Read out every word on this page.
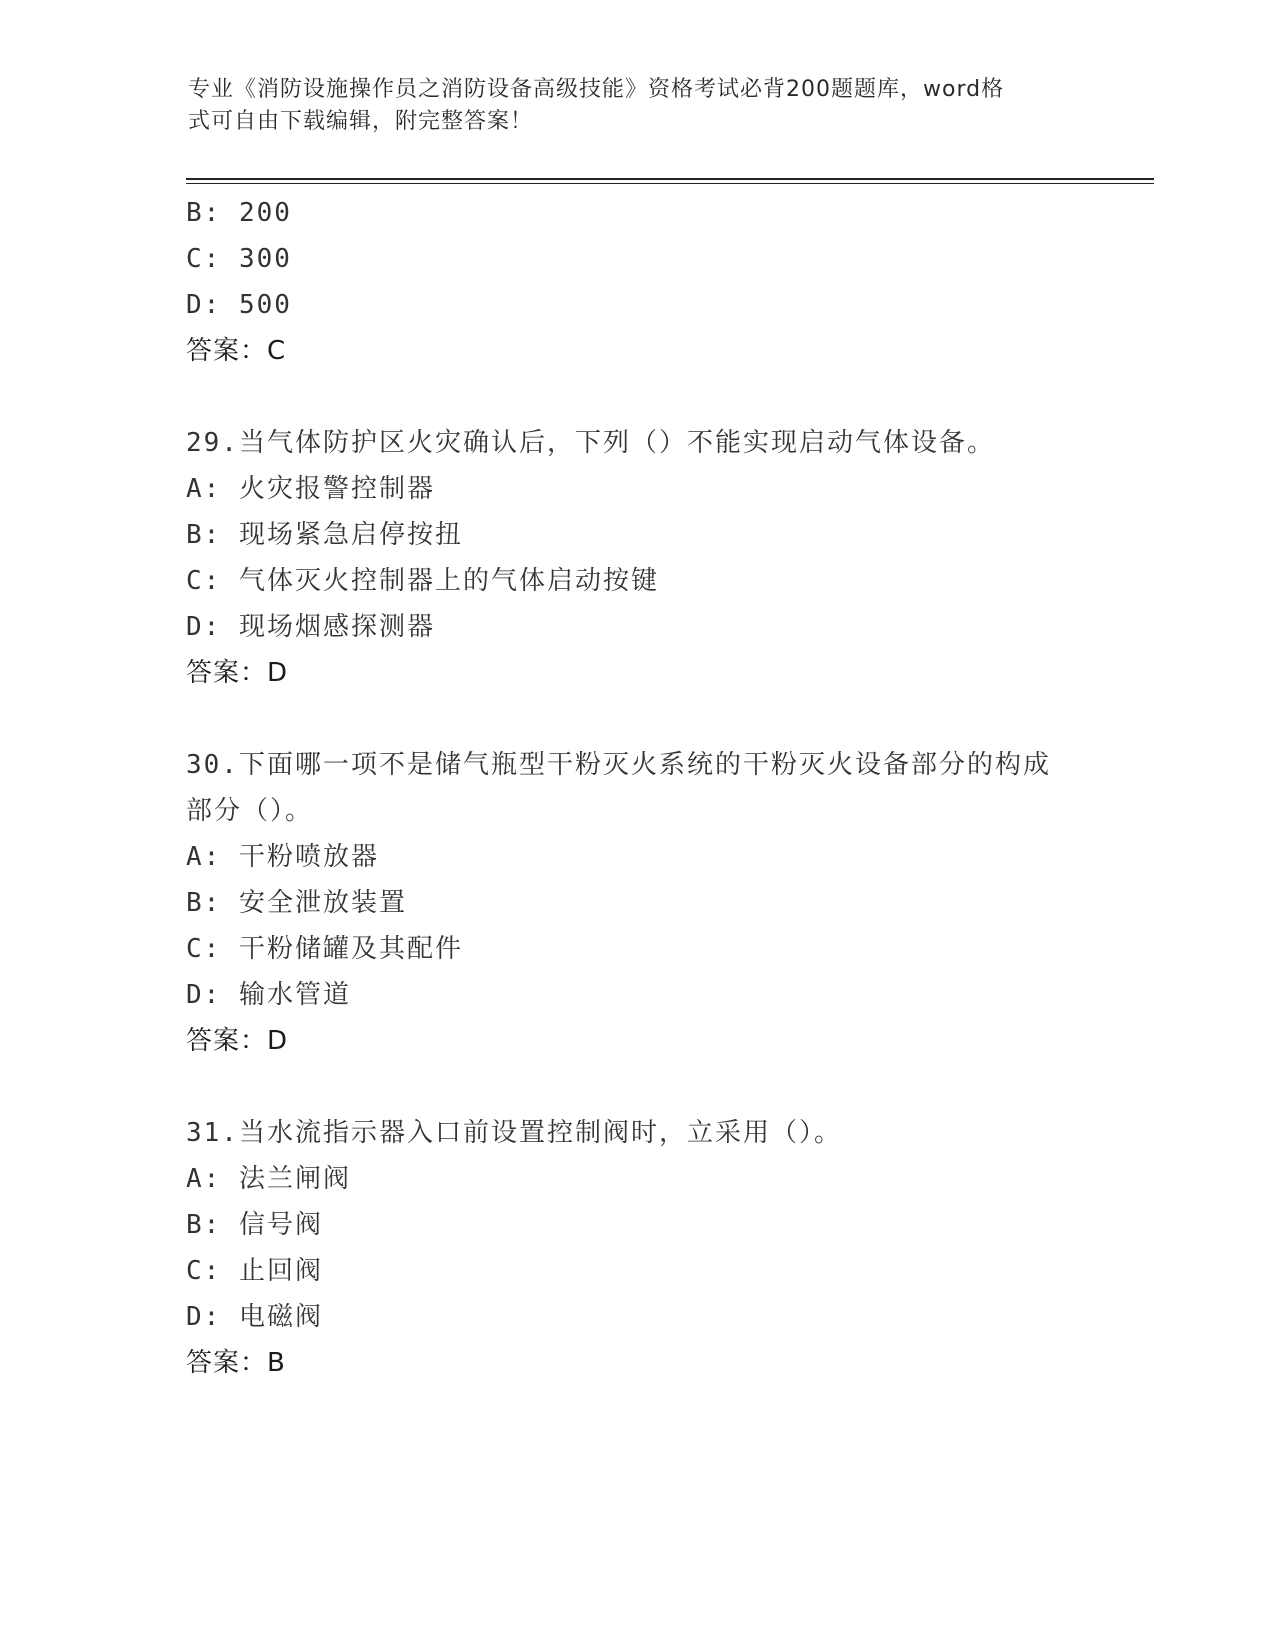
专业《消防设施操作员之消防设备高级技能》资格考试必背200题题库，word格
式可自由下载编辑，附完整答案！
B: 200
C: 300
D: 500
答案：C
29.当气体防护区火灾确认后，下列（）不能实现启动气体设备。
A: 火灾报警控制器
B: 现场紧急启停按扭
C: 气体灭火控制器上的气体启动按键
D: 现场烟感探测器
答案：D
30.下面哪一项不是储气瓶型干粉灭火系统的干粉灭火设备部分的构成
部分（）。
A: 干粉喷放器
B: 安全泄放装置
C: 干粉储罐及其配件
D: 输水管道
答案：D
31.当水流指示器入口前设置控制阀时，立采用（）。
A: 法兰闸阀
B: 信号阀
C: 止回阀
D: 电磁阀
答案：B
